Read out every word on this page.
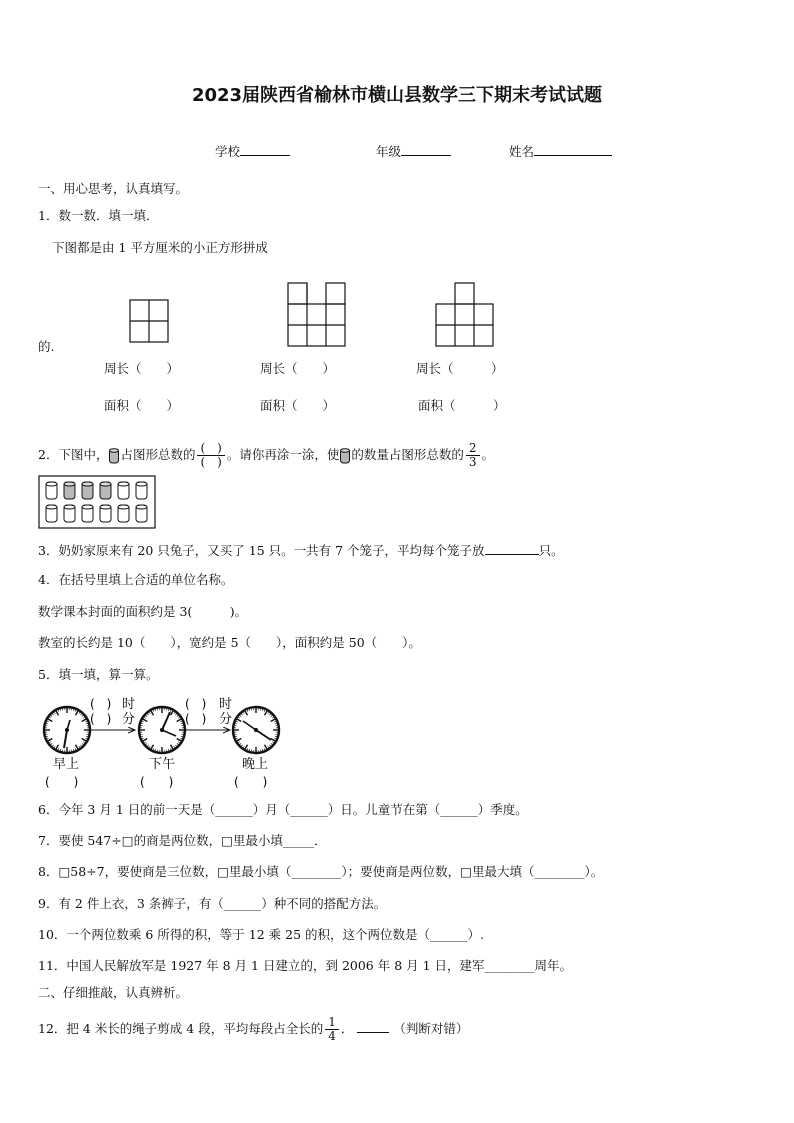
2023届陕西省榆林市横山县数学三下期末考试试题
学校	年级	姓名
一、用心思考，认真填写。
1．数一数．填一填．
下图都是由 1 平方厘米的小正方形拼成
的.
周长（　　）	周长（　　）	周长（　　　）
面积（　　）	面积（　　）	面积（　　　）
2．下图中， 占图形总数的 $\frac{( )}{( )}$ 。请你再涂一涂，使 的数量占图形总数的 $\frac{2}{3}$ 。
3．奶奶家原来有 20 只兔子，又买了 15 只。一共有 7 个笼子，平均每个笼子放	只。
4．在括号里填上合适的单位名称。
数学课本封面的面积约是 3(　　　)。
教室的长约是 10（　　），宽约是 5（　　），面积约是 50（　　）。
5．填一填，算一算。
(　) 时
(　) 分
(　) 时
(　) 分
早上	下午	晚上
(　　)	(　　)	(　　)
6．今年 3 月 1 日的前一天是（______）月（______）日。儿童节在第（______）季度。
7．要使 547÷□的商是两位数，□里最小填_____．
8．□58÷7，要使商是三位数，□里最小填（________）；要使商是两位数，□里最大填（________）。
9．有 2 件上衣，3 条裤子，有（______）种不同的搭配方法。
10．一个两位数乘 6 所得的积，等于 12 乘 25 的积，这个两位数是（______）.
11．中国人民解放军是 1927 年 8 月 1 日建立的，到 2006 年 8 月 1 日，建军________周年。
二、仔细推敲，认真辨析。
12．把 4 米长的绳子剪成 4 段，平均每段占全长的 $\frac{1}{4}$ ．	（判断对错）
